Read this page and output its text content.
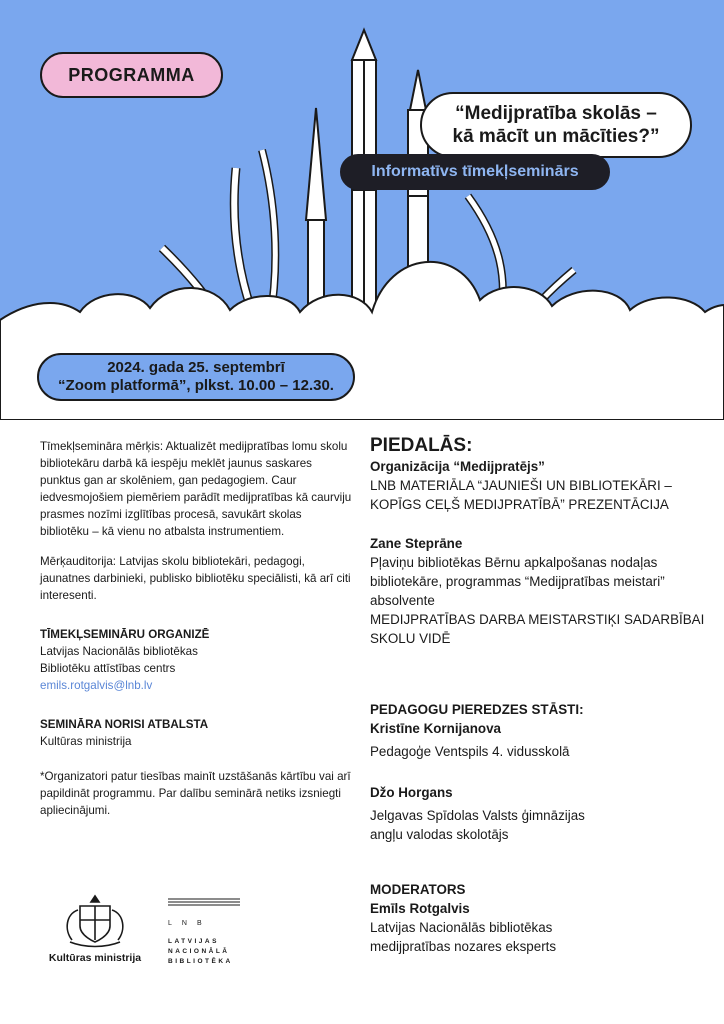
PROGRAMMA
“Medijpratība skolās –
kā mācīt un mācīties?”
Informatīvs tīmekļseminārs
2024. gada 25. septembrī
“Zoom platformā”, plkst. 10.00 – 12.30.

Tīmekļsemināra mērķis: Aktualizēt medijpratības lomu skolu bibliotekāru darbā kā iespēju meklēt jaunus saskares punktus gan ar skolēniem, gan pedagogiem. Caur iedvesmojošiem piemēriem parādīt medijpratības kā caurviju prasmes nozīmi izglītības procesā, savukārt skolas bibliotēku – kā vienu no atbalsta instrumentiem.

Mērķauditorija: Latvijas skolu bibliotekāri, pedagogi, jaunatnes darbinieki, publisko bibliotēku speciālisti, kā arī citi interesenti.

TĪMEKĻSEMINĀRU ORGANIZĒ
Latvijas Nacionālās bibliotēkas
Bibliotēku attīstības centrs
emils.rotgalvis@lnb.lv
SEMINĀRA NORISI ATBALSTA
Kultūras ministrija

*Organizatori patur tiesības mainīt uzstāšanās kārtību vai arī papildināt programmu. Par dalību seminārā netiks izsniegti apliecinājumi.

PIEDALĀS:
Organizācija “Medijpratējs”
LNB MATERIĀLA “JAUNIEŠI UN BIBLIOTEKĀRI – KOPĪGS CEĻŠ MEDIJPRATĪBĀ” PREZENTĀCIJA
Zane Steprāne
Pļaviņu bibliotēkas Bērnu apkalpošanas nodaļas bibliotekāre, programmas “Medijpratības meistari” absolvente
MEDIJPRATĪBAS DARBA MEISTARSTIĶI SADARBĪBAI SKOLU VIDĒ
PEDAGOGU PIEREDZES STĀSTI:
Kristīne Kornijanova
Pedagoģe Ventspils 4. vidusskolā
Džo Horgans
Jelgavas Spīdolas Valsts ģimnāzijas
angļu valodas skolotājs
MODERATORS
Emīls Rotgalvis
Latvijas Nacionālās bibliotēkas
medijpratības nozares eksperts
Kultūras ministrija
LNB
LATVIJAS
NACIONĀLĀ
BIBLIOTĒKA
